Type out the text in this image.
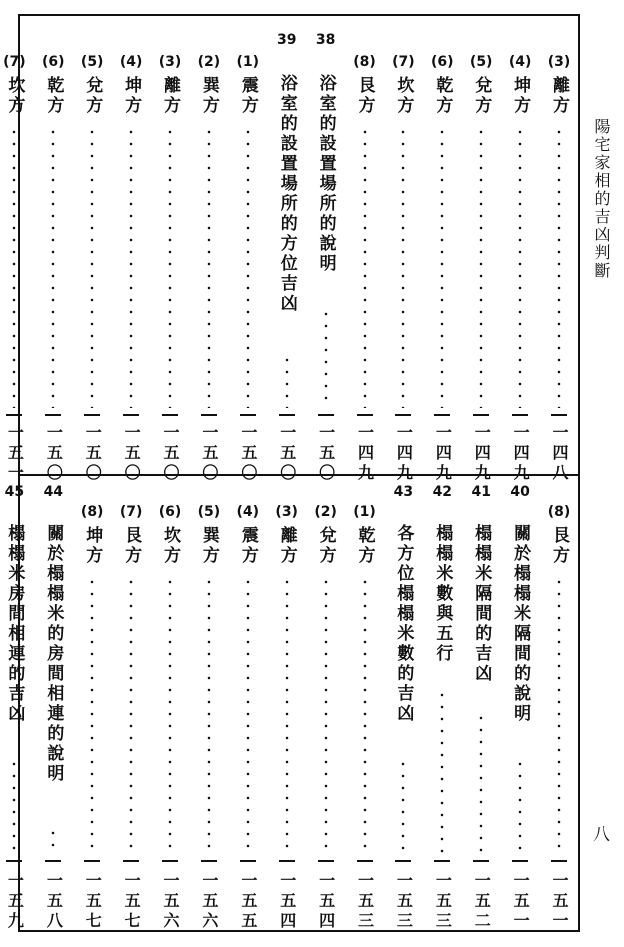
(3)
離方
一四八
(4)
坤方
一四九
(5)
兌方
一四九
(6)
乾方
一四九
(7)
坎方
一四九
(8)
艮方
一四九
38
浴室的設置場所的說明
一五〇
39
浴室的設置場所的方位吉凶
一五〇
(1)
震方
一五〇
(2)
巽方
一五〇
(3)
離方
一五〇
(4)
坤方
一五〇
(5)
兌方
一五〇
(6)
乾方
一五〇
(7)
坎方
一五一
(8)
艮方
一五一
40
關於榻榻米隔間的說明
一五一
41
榻榻米隔間的吉凶
一五二
42
榻榻米數與五行
一五三
43
各方位榻榻米數的吉凶
一五三
(1)
乾方
一五三
(2)
兌方
一五四
(3)
離方
一五四
(4)
震方
一五五
(5)
巽方
一五六
(6)
坎方
一五六
(7)
艮方
一五七
(8)
坤方
一五七
44
關於榻榻米的房間相連的說明
一五八
45
榻榻米房間相連的吉凶
一五九
陽宅家相的吉凶判斷
八
